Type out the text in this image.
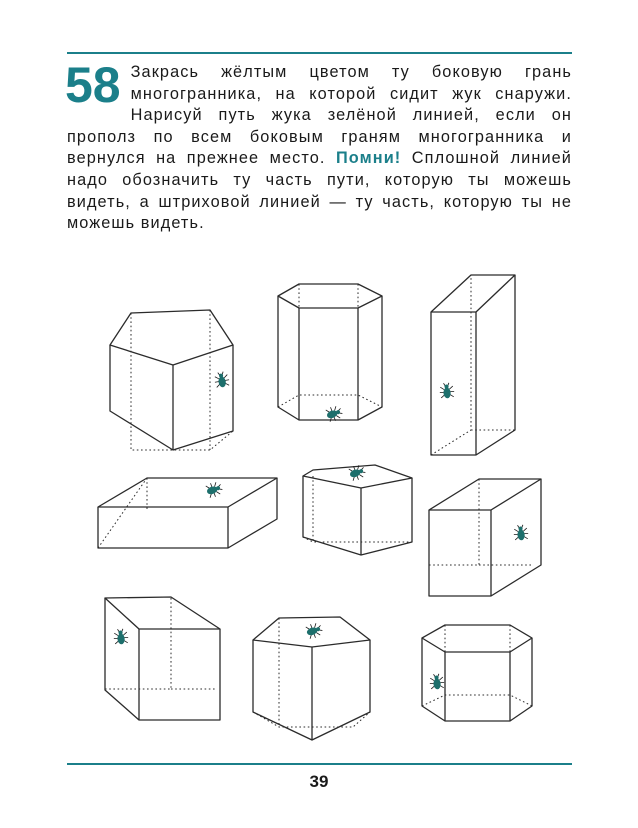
58 Закрась жёлтым цветом ту боковую грань многогранника, на которой сидит жук снаружи. Нарисуй путь жука зелёной линией, если он прополз по всем боковым граням многогранника и вернулся на прежнее место. Помни! Сплошной линией надо обозначить ту часть пути, которую ты можешь видеть, а штриховой линией — ту часть, которую ты не можешь видеть.
39
